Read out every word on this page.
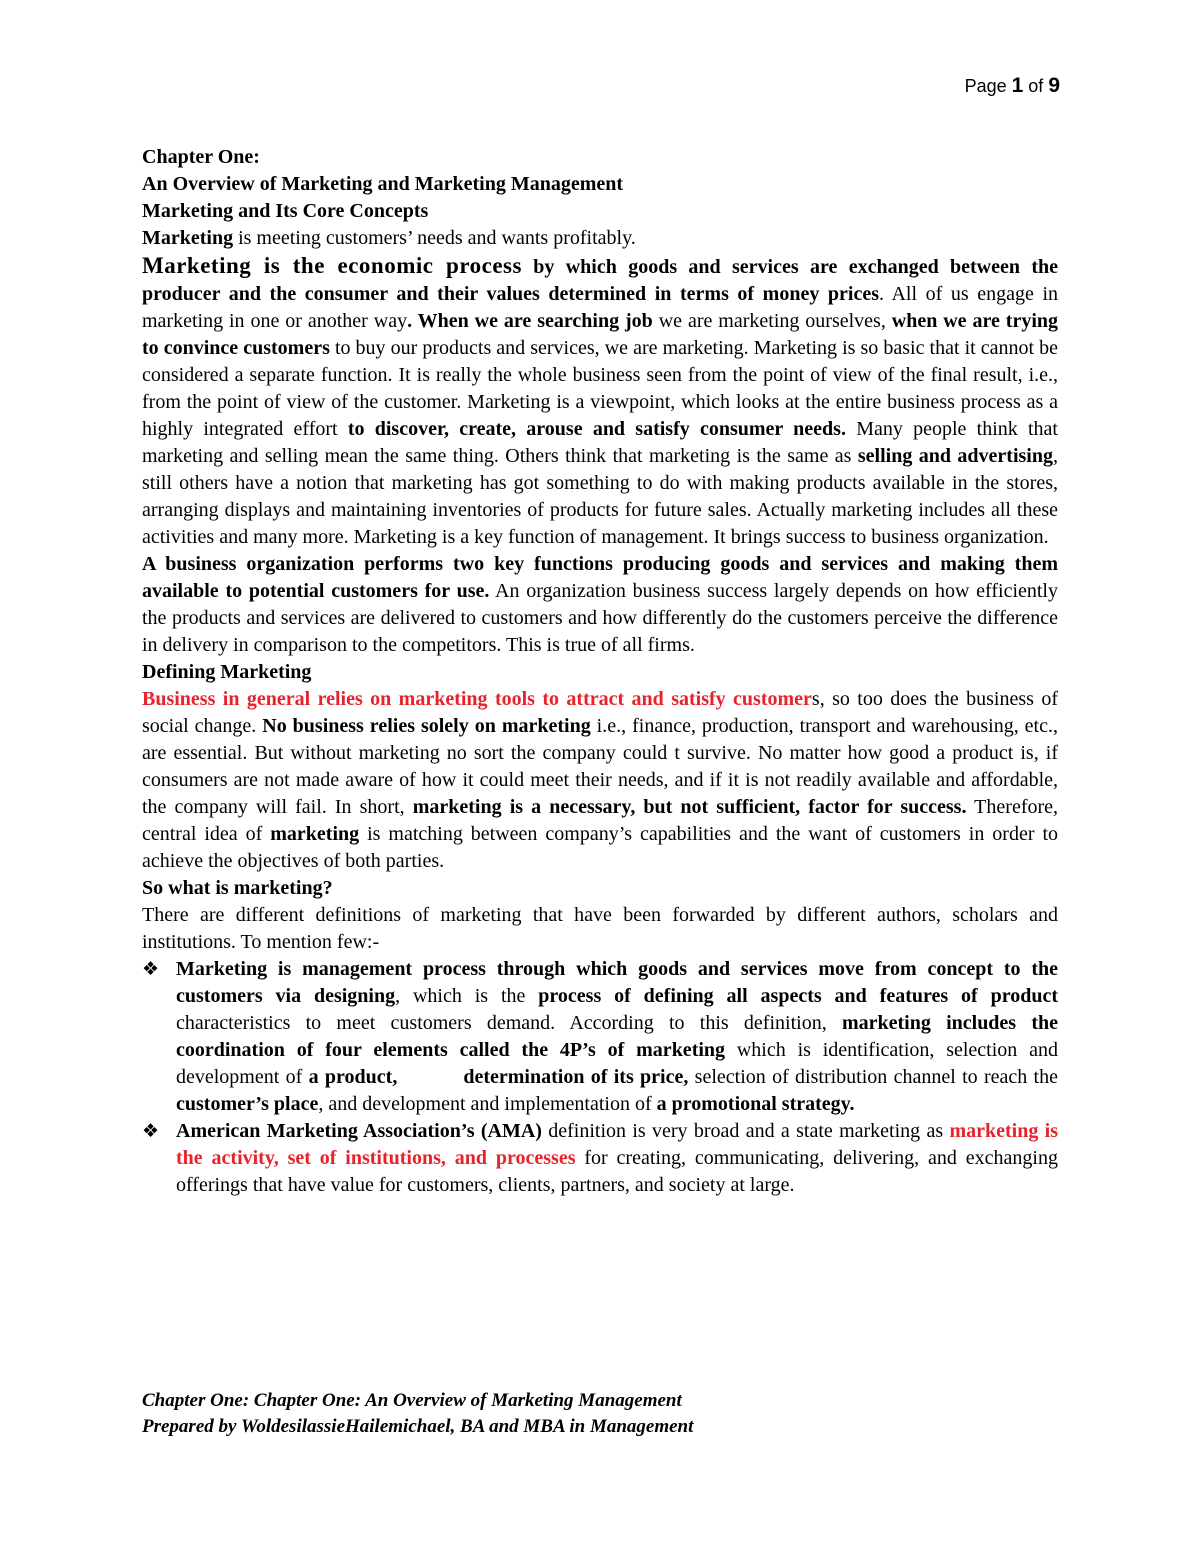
Page 1 of 9

Chapter One:

An Overview of Marketing and Marketing Management

Marketing and Its Core Concepts

Marketing is meeting customers’ needs and wants profitably.

Marketing is the economic process by which goods and services are exchanged between the producer and the consumer and their values determined in terms of money prices. All of us engage in marketing in one or another way. When we are searching job we are marketing ourselves, when we are trying to convince customers to buy our products and services, we are marketing. Marketing is so basic that it cannot be considered a separate function. It is really the whole business seen from the point of view of the final result, i.e., from the point of view of the customer. Marketing is a viewpoint, which looks at the entire business process as a highly integrated effort to discover, create, arouse and satisfy consumer needs. Many people think that marketing and selling mean the same thing. Others think that marketing is the same as selling and advertising, still others have a notion that marketing has got something to do with making products available in the stores, arranging displays and maintaining inventories of products for future sales. Actually marketing includes all these activities and many more. Marketing is a key function of management. It brings success to business organization.

A business organization performs two key functions producing goods and services and making them available to potential customers for use. An organization business success largely depends on how efficiently the products and services are delivered to customers and how differently do the customers perceive the difference in delivery in comparison to the competitors. This is true of all firms.

Defining Marketing

Business in general relies on marketing tools to attract and satisfy customers, so too does the business of social change. No business relies solely on marketing i.e., finance, production, transport and warehousing, etc., are essential. But without marketing no sort the company could t survive. No matter how good a product is, if consumers are not made aware of how it could meet their needs, and if it is not readily available and affordable, the company will fail. In short, marketing is a necessary, but not sufficient, factor for success. Therefore, central idea of marketing is matching between company’s capabilities and the want of customers in order to achieve the objectives of both parties.

So what is marketing?

There are different definitions of marketing that have been forwarded by different authors, scholars and institutions. To mention few:-

❖ Marketing is management process through which goods and services move from concept to the customers via designing, which is the process of defining all aspects and features of product characteristics to meet customers demand. According to this definition, marketing includes the coordination of four elements called the 4P’s of marketing which is identification, selection and development of a product,	determination of its price, selection of distribution channel to reach the customer’s place, and development and implementation of a promotional strategy.
❖ American Marketing Association’s (AMA) definition is very broad and a state marketing as marketing is the activity, set of institutions, and processes for creating, communicating, delivering, and exchanging offerings that have value for customers, clients, partners, and society at large.

Chapter One: Chapter One: An Overview of Marketing Management

Prepared by WoldesilassieHailemichael, BA and MBA in Management
